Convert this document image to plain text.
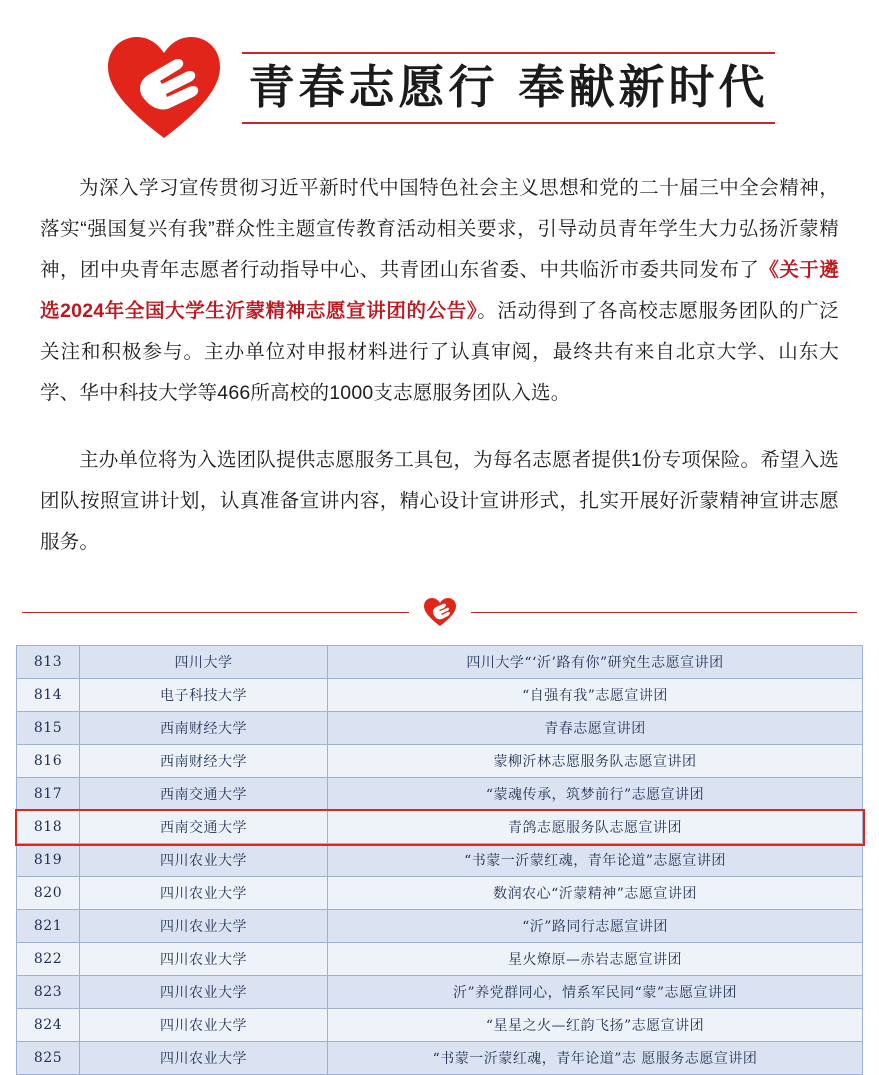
青春志愿行 奉献新时代

为深入学习宣传贯彻习近平新时代中国特色社会主义思想和党的二十届三中全会精神，落实“强国复兴有我”群众性主题宣传教育活动相关要求，引导动员青年学生大力弘扬沂蒙精神，团中央青年志愿者行动指导中心、共青团山东省委、中共临沂市委共同发布了《关于遴选2024年全国大学生沂蒙精神志愿宣讲团的公告》。活动得到了各高校志愿服务团队的广泛关注和积极参与。主办单位对申报材料进行了认真审阅，最终共有来自北京大学、山东大学、华中科技大学等466所高校的1000支志愿服务团队入选。

主办单位将为入选团队提供志愿服务工具包，为每名志愿者提供1份专项保险。希望入选团队按照宣讲计划，认真准备宣讲内容，精心设计宣讲形式，扎实开展好沂蒙精神宣讲志愿服务。

813	四川大学	四川大学“‘沂’路有你”研究生志愿宣讲团
814	电子科技大学	“自强有我”志愿宣讲团
815	西南财经大学	青春志愿宣讲团
816	西南财经大学	蒙柳沂林志愿服务队志愿宣讲团
817	西南交通大学	“蒙魂传承，筑梦前行”志愿宣讲团
818	西南交通大学	青鸽志愿服务队志愿宣讲团
819	四川农业大学	“书蒙一沂蒙红魂，青年论道”志愿宣讲团
820	四川农业大学	数润农心“沂蒙精神”志愿宣讲团
821	四川农业大学	“沂”路同行志愿宣讲团
822	四川农业大学	星火燎原—赤岩志愿宣讲团
823	四川农业大学	沂”养党群同心，情系军民同“蒙”志愿宣讲团
824	四川农业大学	“星星之火—红韵飞扬”志愿宣讲团
825	四川农业大学	“书蒙一沂蒙红魂，青年论道”志 愿服务志愿宣讲团
